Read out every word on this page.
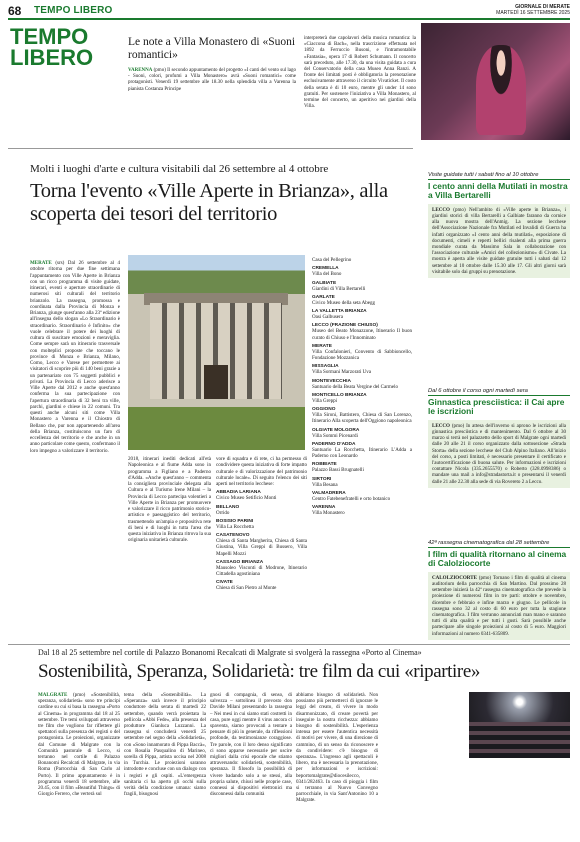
68 TEMPO LIBERO	GIORNALE DI MERATE
MARTEDÌ 16 SETTEMBRE 2025
TEMPO
LIBERO
Le note a Villa Monastero di «Suoni romantici»
VARENNA (pmo) Il secondo appuntamento del progetto «I canti del vento sul lago - Suoni, colori, profumi a Villa Monastero» avrà «Suoni romantici» come protagonisti. Venerdì 19 settembre alle 18.30 nella splendida villa a Varenna la pianista Costanza Principe
interpreterà due capolavori della musica romantica: la «Ciaccona di Bach», nella trascrizione effettuata nel 1892 da Ferruccio Busoni, e l'intramontabile «Fantasia», opera 17 di Robert Schumann. Il concerto sarà preceduto, alle 17.30, da una visita guidata a cura del Conservatorio della casa Museo Anna Ranzi. A fronte dei limitati posti è obbligatoria la prenotazione esclusivamente attraverso il circuito Vivaticket. Il costo della serata è di 10 euro, mentre gli under 14 sono gratuiti. Per sostenere l'iniziativa a Villa Monastero, al termine del concerto, un aperitivo nei giardini della Villa.
Molti i luoghi d'arte e cultura visitabili dal 26 settembre al 4 ottobre
Torna l'evento «Ville Aperte in Brianza», alla scoperta dei tesori del territorio
MERATE (srs) Dal 26 settembre al 4 ottobre ritorna per due fine settimana l'appuntamento con Ville Aperte in Brianza con un ricco programma di visite guidate, itinerari, eventi e aperture straordinarie di numerosi siti culturali del territorio brianzolo. La rassegna, promossa e coordinata dalla Provincia di Monza e Brianza, giunge quest'anno alla 23ª edizione all'insegna dello slogan «Lo Straordinario è straordinario. Straordinario è Infinito» che vuole celebrare il potere dei luoghi di cultura di suscitare emozioni e meraviglia. Come sempre sarà un itinerario trasversale con molteplici proposte che toccano le province di Monza e Brianza, Milano, Como, Lecco e Varese per permettere ai visitatori di scoprire più di 140 beni grazie a un partenariato con 75 soggetti pubblici e privati. La Provincia di Lecco aderisce a Ville Aperte dal 2012 e anche quest'anno conferma la sua partecipazione con l'apertura straordinaria di 32 beni tra ville, parchi, giardini e chiese in 22 comuni. Tra questi anche alcuni siti come Villa Monastero a Varenna e il Chiostro di Bellano che, pur non appartenendo all'area della Brianza, costituiscono un faro di eccellenza del territorio e che anche in un anno particolare come questo, confermano il loro impegno a valorizzare il territorio.
2018, itinerari inediti dedicati all'età Napoleonica e al fiume Adda sono in programma a Figliano e a Paderno d'Adda. «Anche quest'anno – commenta la consigliera provinciale delegata alla Cultura e al Turismo Irene Milani – la Provincia di Lecco partecipa volentieri a Ville Aperte in Brianza per promuovere e valorizzare il ricco patrimonio storico-artistico e paesaggistico del territorio, trasmettendo un'ampia e propositiva rete di beni e di luoghi in tutta l'area che questa iniziativa in Brianza ritrova la sua originaria unitarietà culturale.
vore di squadra e di rete, ci ha permesso di condividere questa iniziativa di forte impatto culturale e di valorizzazione del patrimonio culturale locale». Di seguito l'elenco dei siti aperti nel territorio lecchese:
ABBADIA LARIANA
Civico Museo Setificio Monti
BELLANO
Orrido
BOSISIO PARINI
Villa La Rocchetta
CASATENOVO
Chiesa di Santa Margherita, Chiesa di Santa Giustina, Villa Greppi di Bussero, Villa Mapelli Mozzi
CASSAGO BRIANZA
Mausoleo Visconti di Modrone, Itinerario Cittadella agostiniana
CIVATE
Chiesa di San Pietro al Monte
Casa del Pellegrino
CREMELLA
Villa del Bono
GALBIATE
Giardini di Villa Bertarelli
GARLATE
Civico Museo della seta Abegg
LA VALLETTA BRIANZA
Oasi Galbusera
LECCO (FRAZIONE CHIUSO)
Museo del Beato Monazzone, Itinerario Il buon curato di Chiuso e l'Innominato
MERATE
Villa Confalonieri, Convento di Sabbioncello, Fondazione Mozzanica
MISSAGLIA
Villa Sormani Marzorati Uva
MONTEVECCHIA
Santuario della Beata Vergine del Carmelo
MONTICELLO BRIANZA
Villa Greppi
OGGIONO
Villa Sironi, Battistero, Chiesa di San Lorenzo, Itinerario Alla scoperta dell'Oggiono napoleonica
OLGIATE MOLGORA
Villa Sommi Picenardi
PADERNO D'ADDA
Santuario La Rocchetta, Itinerario L'Adda a Paderno con Leonardo
ROBBIATE
Palazzo Bassi Brugnatelli
SIRTORI
Villa Besana
VALMADRERA
Centro Fatebenefratelli e orto botanico
VARENNA
Villa Monastero
Visite guidate tutti i sabati fino al 10 ottobre
I cento anni della Mutilati in mostra a Villa Bertarelli
LECCO (pmo) Nell'ambito di «Ville aperte in Brianza», i giardini storici di villa Bertarelli a Galbiate faranno da cornice alla nuova mostra dell'Anmig. La sezione lecchese dell'Associazione Nazionale fra Mutilati ed Invalidi di Guerra ha infatti organizzato «I cento anni della mutilati», esposizione di documenti, cimeli e reperti bellici risalenti alla prima guerra mondiale curata da Massimo Sala in collaborazione con l'associazione culturale «Amici del collezionismo» di Civate. La mostra è aperta alle visite guidate gratuite tutti i sabati dal 12 settembre al 10 ottobre dalle 15.30 alle 17. Gli altri giorni sarà visitabile solo dai gruppi su prenotazione.
Dal 6 ottobre il corso ogni martedì sera
Ginnastica presciistica: il Cai apre le iscrizioni
LECCO (pmo) In attesa dell'inverno si aprono le iscrizioni alla ginnastica presciistica e di mantenimento. Dal 6 ottobre al 30 marzo si terrà nel palazzetto dello sport di Malgrate ogni martedì dalle 20 alle 21 il corso organizzato dalla sottosezione «Strada Storta» della sezione lecchese del Club Alpino Italiano. All'inizio del corso, a posti limitati, è necessario presentare il certificato e l'autocertificazione di buona salute. Per informazioni e iscrizioni contattare Nicola (335.2655570) o Roberto (328.0998386) o mandare una mail a info@stradastorta.it o presentarsi il venerdì dalle 21 alle 22.30 alla sede di via Rovereto 2 a Lecco.
42ª rassegna cinematografica dal 28 settembre
I film di qualità ritornano al cinema di Calolziocorte
CALOLZIOCORTE (pmo) Tornano i film di qualità al cinema auditorium della parrocchia di San Martino. Dal prossimo 28 settembre inizierà la 42ª rassegna cinematografica che prevede la proiezione di numerosi film in tre parti: ottobre e novembre, dicembre e febbraio e infine marzo e giugno. Le pellicole in rassegna sono 32 al costo di 60 euro per tutta la stagione cinematografica. I film verranno annunciati man mano e saranno tutti di alta qualità e per tutti i gusti. Sarà possibile anche partecipare alle singole proiezioni al costo di 5 euro. Maggiori informazioni al numero 0341-635809.
Dal 18 al 25 settembre nel cortile di Palazzo Bonanomi Recalcati di Malgrate si svolgerà la rassegna «Porto al Cinema»
Sostenibilità, Speranza, Solidarietà: tre film da cui «ripartire»
MALGRATE (pmo) «Sostenibilità, speranza, solidarietà» sono tre principi cardine su cui si basa la rassegna «Porto al Cinema» in programma dal 18 al 25 settembre. Tre temi sviluppati attraverso tre film che vogliono far riflettere gli spettatori sulla presenza dei registi o del protagonista. Le proiezioni, organizzate dal Comune di Malgrate con la Comunità pastorale di Lecco, si terranno nel cortile di Palazzo Bonanomi Recalcati di Malgrate, in via Roma (Parrocchia di San Carlo al Porto). Il primo appuntamento è in programma venerdì 18 settembre, alle 20.45, con il film «Beautiful Things» di Giorgio Ferrero, che verterà sul
tema della «Sostenibilità». La «Speranza» sarà invece il principio conduttore della serata di martedì 22 settembre, quando verrà proiettata la pellicola «Abbi Fede», alla presenza del produttore Gianluca Luzzanni. La rassegna si concluderà venerdì 25 settembre nel segno della «Solidarietà», con «Sono innamorato di Pippa Baccà», con Rosalia Pasqualino di Marineo, sorella di Pippa, artista uccisa nel 2008 in Turchia. Le proiezioni saranno introdotte e concluse con un dialogo con i registi e gli ospiti. «L'emergenza sanitaria ci ha aperto gli occhi sulla verità della condizione umana: siamo fragili, bisognosi
gnosi di compagnia, di senso, di salvezza – sottolinea il prevosto don Davide Milani presentando la rassegna – Nei mesi in cui siamo stati costretti in casa, pure oggi mentre il virus ancora ci spaventa, siamo provocati a tentare a pensare di più in generale, da riflessioni profonde, da testimonianze coraggiose. Tre parole, con il loro denso significato ci sono apparse necessarie per uscire migliori dalla crisi epocale che stiamo attraversando: solidarietà, sostenibilità, speranza. Il filosofo la possibilità di vivere badando solo a se stessi, alla propria salute, chiusi nelle proprie case, connessi ai dispositivi elettronici ma disconnessi dalla comunità
abbiamo bisogno di solidarietà. Non possiamo più permetterci di ignorare le leggi del creato, di vivere in modo disarmonizzato, di creare povertà per inseguire la nostra ricchezza: abbiamo bisogno di sostenibilità. L'esperienza intensa per essere l'autentica necessità di motivi per vivere, di una direzione di cammino, di un senso da riconoscere e da condividere: c'è bisogno di speranza». L'ingresso agli spettacoli è libero, ma è necessaria la prenotazione, per informazioni e iscrizioni: beportomalgrate@diocesilecco, 0341/282463. In caso di pioggia i film si terranno al Nuovo Convegno parrocchiale, in via Sant'Antonino 10 a Malgrate.
